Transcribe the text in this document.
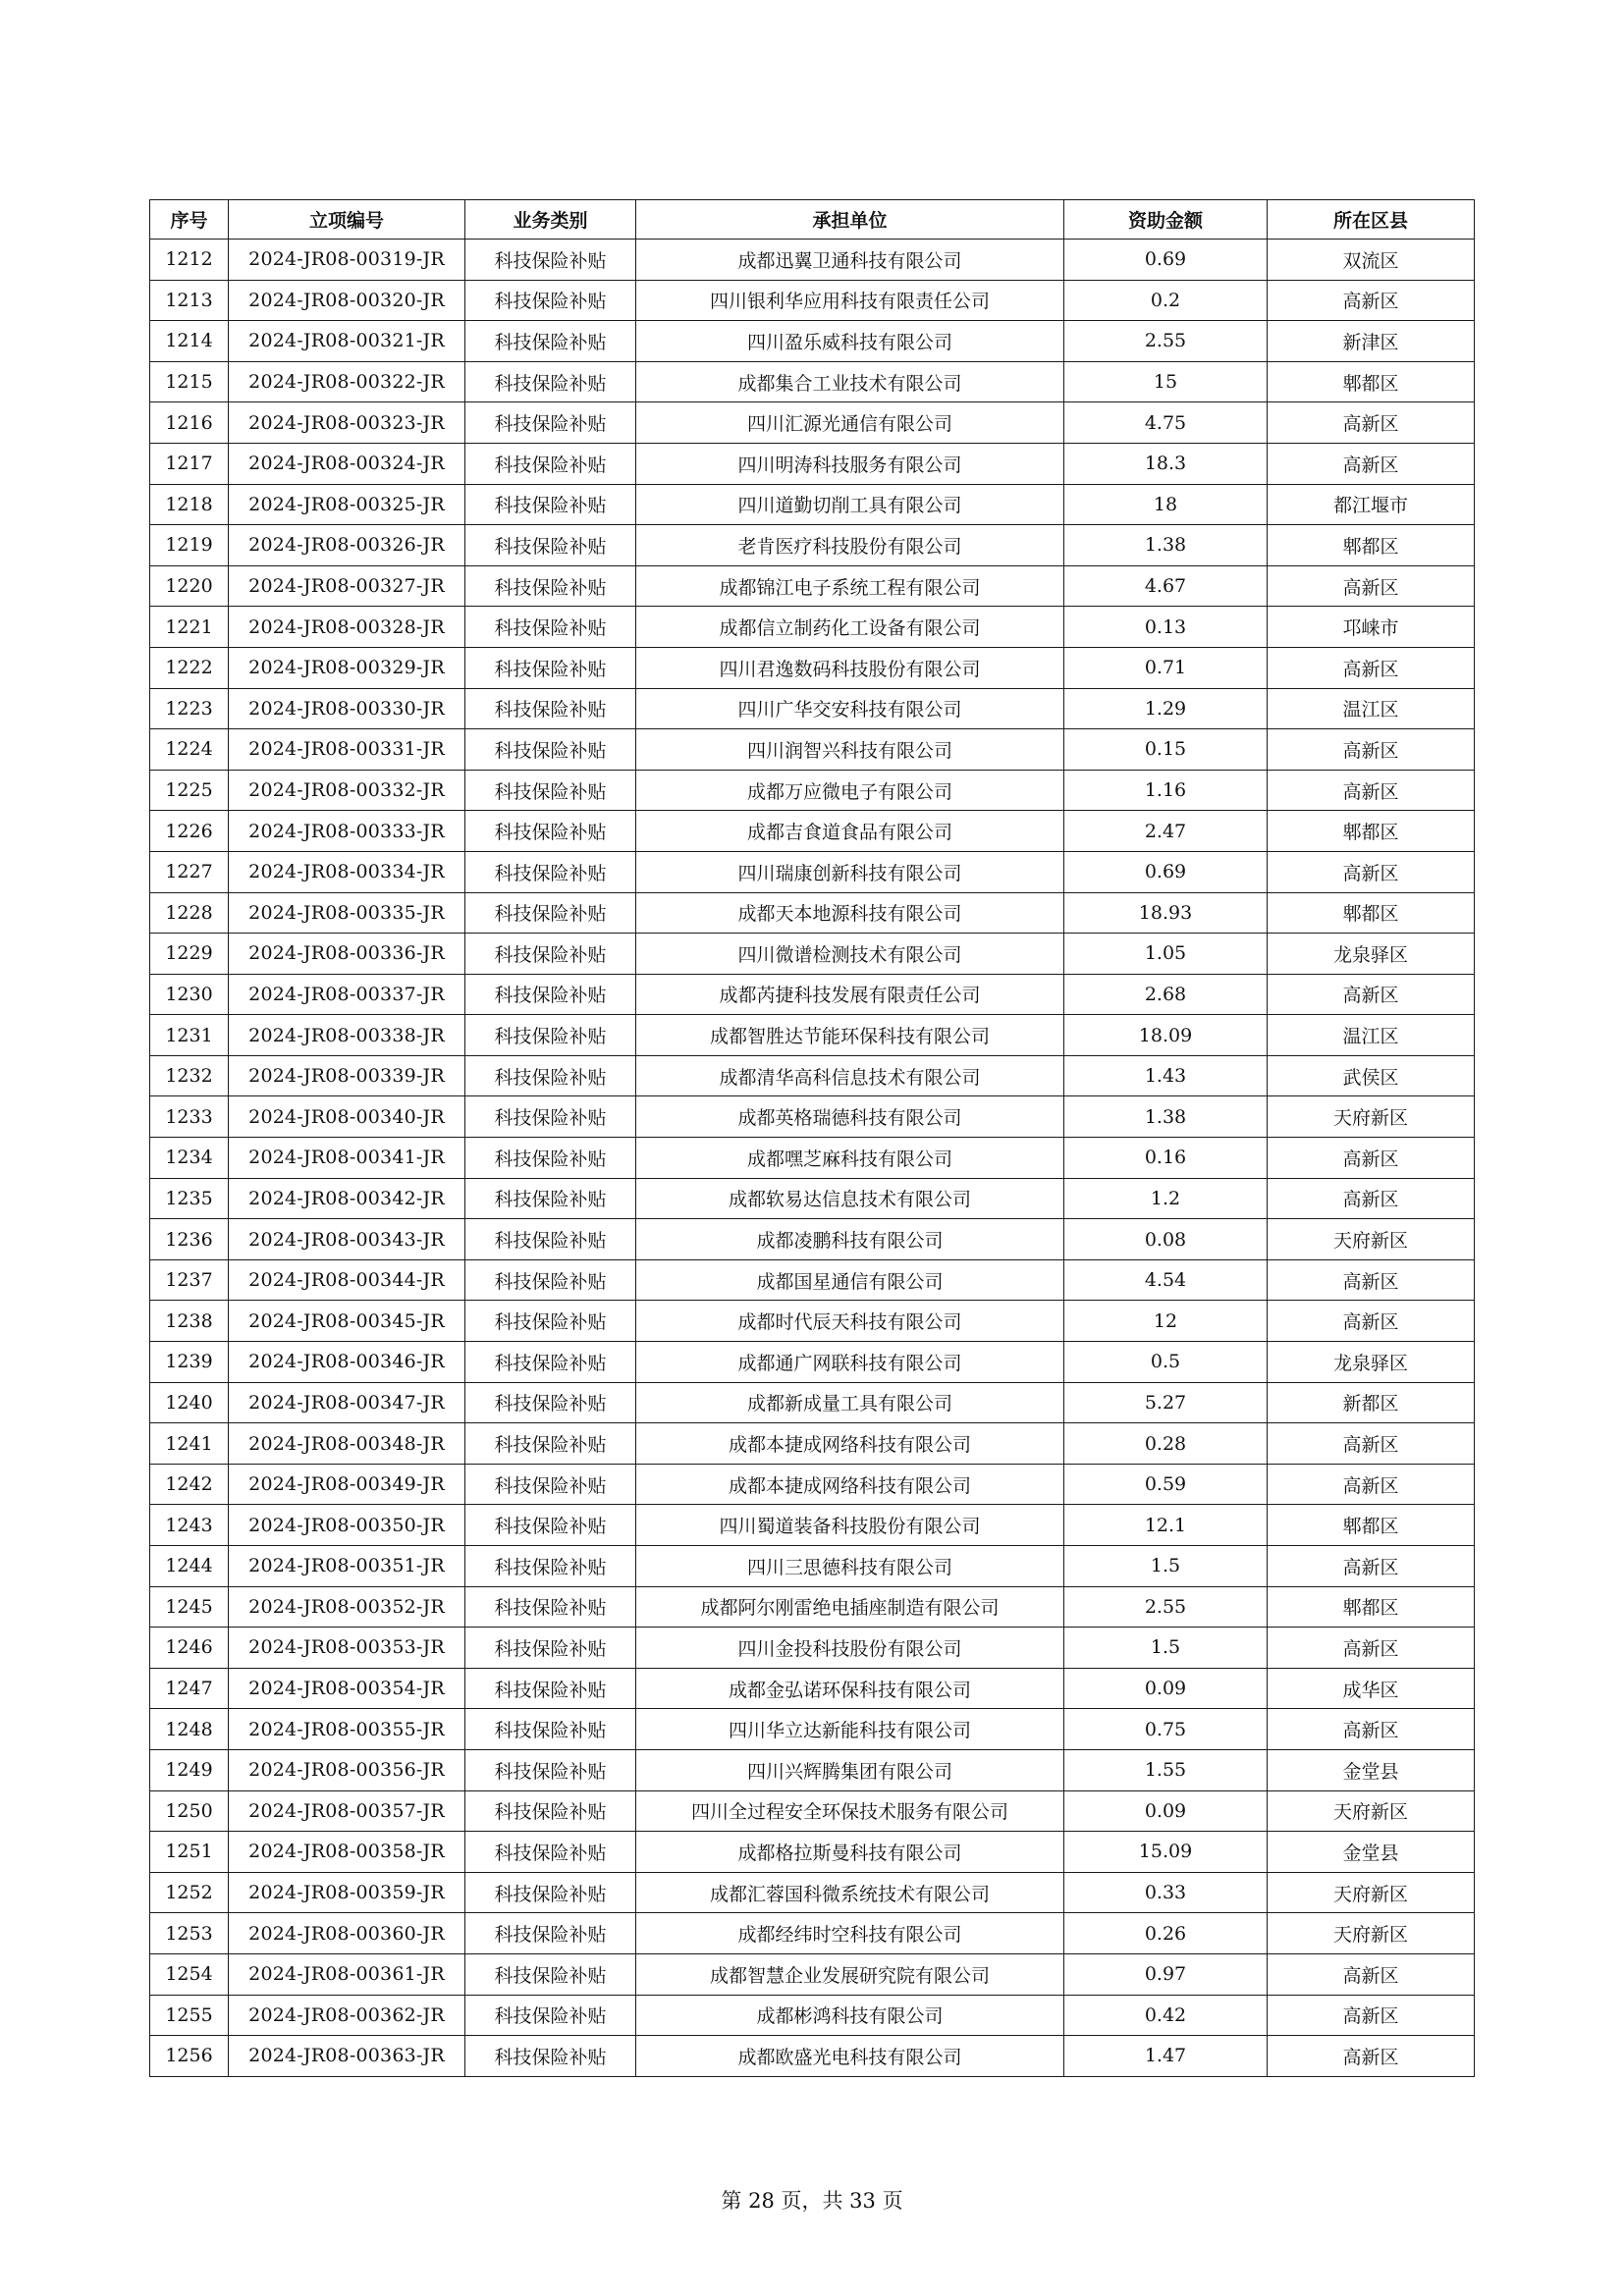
序号	立项编号	业务类别	承担单位	资助金额	所在区县
1212	2024-JR08-00319-JR	科技保险补贴	成都迅翼卫通科技有限公司	0.69	双流区
1213	2024-JR08-00320-JR	科技保险补贴	四川银利华应用科技有限责任公司	0.2	高新区
1214	2024-JR08-00321-JR	科技保险补贴	四川盈乐威科技有限公司	2.55	新津区
1215	2024-JR08-00322-JR	科技保险补贴	成都集合工业技术有限公司	15	郫都区
1216	2024-JR08-00323-JR	科技保险补贴	四川汇源光通信有限公司	4.75	高新区
1217	2024-JR08-00324-JR	科技保险补贴	四川明涛科技服务有限公司	18.3	高新区
1218	2024-JR08-00325-JR	科技保险补贴	四川道勤切削工具有限公司	18	都江堰市
1219	2024-JR08-00326-JR	科技保险补贴	老肯医疗科技股份有限公司	1.38	郫都区
1220	2024-JR08-00327-JR	科技保险补贴	成都锦江电子系统工程有限公司	4.67	高新区
1221	2024-JR08-00328-JR	科技保险补贴	成都信立制药化工设备有限公司	0.13	邛崃市
1222	2024-JR08-00329-JR	科技保险补贴	四川君逸数码科技股份有限公司	0.71	高新区
1223	2024-JR08-00330-JR	科技保险补贴	四川广华交安科技有限公司	1.29	温江区
1224	2024-JR08-00331-JR	科技保险补贴	四川润智兴科技有限公司	0.15	高新区
1225	2024-JR08-00332-JR	科技保险补贴	成都万应微电子有限公司	1.16	高新区
1226	2024-JR08-00333-JR	科技保险补贴	成都吉食道食品有限公司	2.47	郫都区
1227	2024-JR08-00334-JR	科技保险补贴	四川瑞康创新科技有限公司	0.69	高新区
1228	2024-JR08-00335-JR	科技保险补贴	成都天本地源科技有限公司	18.93	郫都区
1229	2024-JR08-00336-JR	科技保险补贴	四川微谱检测技术有限公司	1.05	龙泉驿区
1230	2024-JR08-00337-JR	科技保险补贴	成都芮捷科技发展有限责任公司	2.68	高新区
1231	2024-JR08-00338-JR	科技保险补贴	成都智胜达节能环保科技有限公司	18.09	温江区
1232	2024-JR08-00339-JR	科技保险补贴	成都清华高科信息技术有限公司	1.43	武侯区
1233	2024-JR08-00340-JR	科技保险补贴	成都英格瑞德科技有限公司	1.38	天府新区
1234	2024-JR08-00341-JR	科技保险补贴	成都嘿芝麻科技有限公司	0.16	高新区
1235	2024-JR08-00342-JR	科技保险补贴	成都软易达信息技术有限公司	1.2	高新区
1236	2024-JR08-00343-JR	科技保险补贴	成都凌鹏科技有限公司	0.08	天府新区
1237	2024-JR08-00344-JR	科技保险补贴	成都国星通信有限公司	4.54	高新区
1238	2024-JR08-00345-JR	科技保险补贴	成都时代辰天科技有限公司	12	高新区
1239	2024-JR08-00346-JR	科技保险补贴	成都通广网联科技有限公司	0.5	龙泉驿区
1240	2024-JR08-00347-JR	科技保险补贴	成都新成量工具有限公司	5.27	新都区
1241	2024-JR08-00348-JR	科技保险补贴	成都本捷成网络科技有限公司	0.28	高新区
1242	2024-JR08-00349-JR	科技保险补贴	成都本捷成网络科技有限公司	0.59	高新区
1243	2024-JR08-00350-JR	科技保险补贴	四川蜀道装备科技股份有限公司	12.1	郫都区
1244	2024-JR08-00351-JR	科技保险补贴	四川三思德科技有限公司	1.5	高新区
1245	2024-JR08-00352-JR	科技保险补贴	成都阿尔刚雷绝电插座制造有限公司	2.55	郫都区
1246	2024-JR08-00353-JR	科技保险补贴	四川金投科技股份有限公司	1.5	高新区
1247	2024-JR08-00354-JR	科技保险补贴	成都金弘诺环保科技有限公司	0.09	成华区
1248	2024-JR08-00355-JR	科技保险补贴	四川华立达新能科技有限公司	0.75	高新区
1249	2024-JR08-00356-JR	科技保险补贴	四川兴辉腾集团有限公司	1.55	金堂县
1250	2024-JR08-00357-JR	科技保险补贴	四川全过程安全环保技术服务有限公司	0.09	天府新区
1251	2024-JR08-00358-JR	科技保险补贴	成都格拉斯曼科技有限公司	15.09	金堂县
1252	2024-JR08-00359-JR	科技保险补贴	成都汇蓉国科微系统技术有限公司	0.33	天府新区
1253	2024-JR08-00360-JR	科技保险补贴	成都经纬时空科技有限公司	0.26	天府新区
1254	2024-JR08-00361-JR	科技保险补贴	成都智慧企业发展研究院有限公司	0.97	高新区
1255	2024-JR08-00362-JR	科技保险补贴	成都彬鸿科技有限公司	0.42	高新区
1256	2024-JR08-00363-JR	科技保险补贴	成都欧盛光电科技有限公司	1.47	高新区
第 28 页，共 33 页
